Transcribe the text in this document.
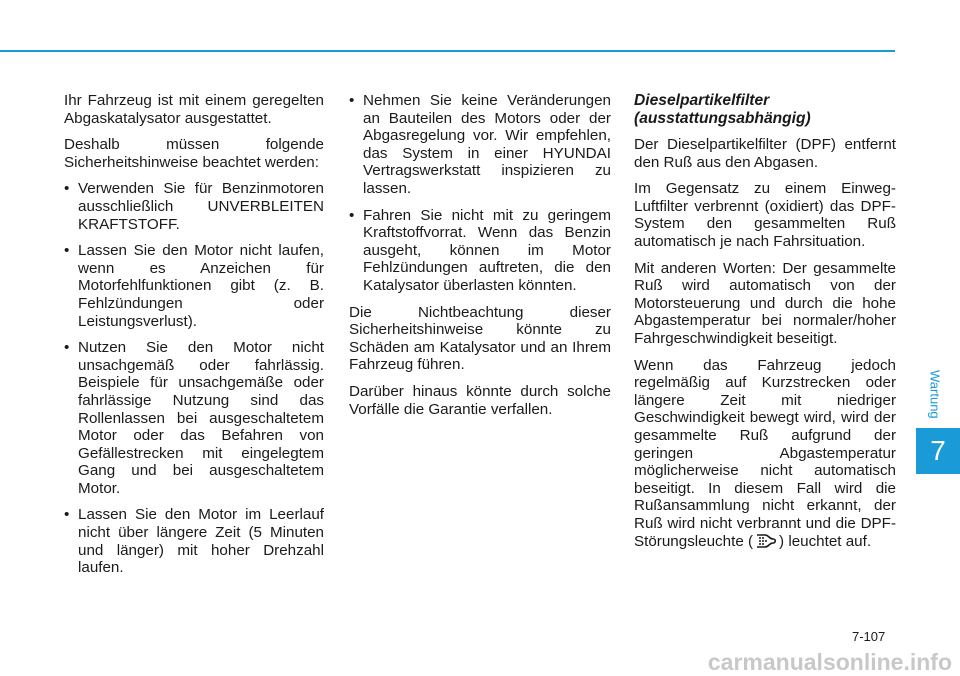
Ihr Fahrzeug ist mit einem geregelten Abgaskatalysator ausgestattet.

Deshalb müssen folgende Sicherheitshinweise beachtet werden:

• Verwenden Sie für Benzinmotoren ausschließlich UNVERBLEITEN KRAFTSTOFF.
• Lassen Sie den Motor nicht laufen, wenn es Anzeichen für Motorfehlfunktionen gibt (z. B. Fehlzündungen oder Leistungsverlust).
• Nutzen Sie den Motor nicht unsachgemäß oder fahrlässig. Beispiele für unsachgemäße oder fahrlässige Nutzung sind das Rollenlassen bei ausgeschaltetem Motor oder das Befahren von Gefällestrecken mit eingelegtem Gang und bei ausgeschaltetem Motor.
• Lassen Sie den Motor im Leerlauf nicht über längere Zeit (5 Minuten und länger) mit hoher Drehzahl laufen.
• Nehmen Sie keine Veränderungen an Bauteilen des Motors oder der Abgasregelung vor. Wir empfehlen, das System in einer HYUNDAI Vertragswerkstatt inspizieren zu lassen.
• Fahren Sie nicht mit zu geringem Kraftstoffvorrat. Wenn das Benzin ausgeht, können im Motor Fehlzündungen auftreten, die den Katalysator überlasten könnten.

Die Nichtbeachtung dieser Sicherheitshinweise könnte zu Schäden am Katalysator und an Ihrem Fahrzeug führen.

Darüber hinaus könnte durch solche Vorfälle die Garantie verfallen.

Dieselpartikelfilter
(ausstattungsabhängig)

Der Dieselpartikelfilter (DPF) entfernt den Ruß aus den Abgasen.

Im Gegensatz zu einem Einweg-Luftfilter verbrennt (oxidiert) das DPF-System den gesammelten Ruß automatisch je nach Fahrsituation.

Mit anderen Worten: Der gesammelte Ruß wird automatisch von der Motorsteuerung und durch die hohe Abgastemperatur bei normaler/hoher Fahrgeschwindigkeit beseitigt.

Wenn das Fahrzeug jedoch regelmäßig auf Kurzstrecken oder längere Zeit mit niedriger Geschwindigkeit bewegt wird, wird der gesammelte Ruß aufgrund der geringen Abgastemperatur möglicherweise nicht automatisch beseitigt. In diesem Fall wird die Rußansammlung nicht erkannt, der Ruß wird nicht verbrannt und die DPF-Störungsleuchte ( ) leuchtet auf.

Wartung
7
7-107
carmanualsonline.info
